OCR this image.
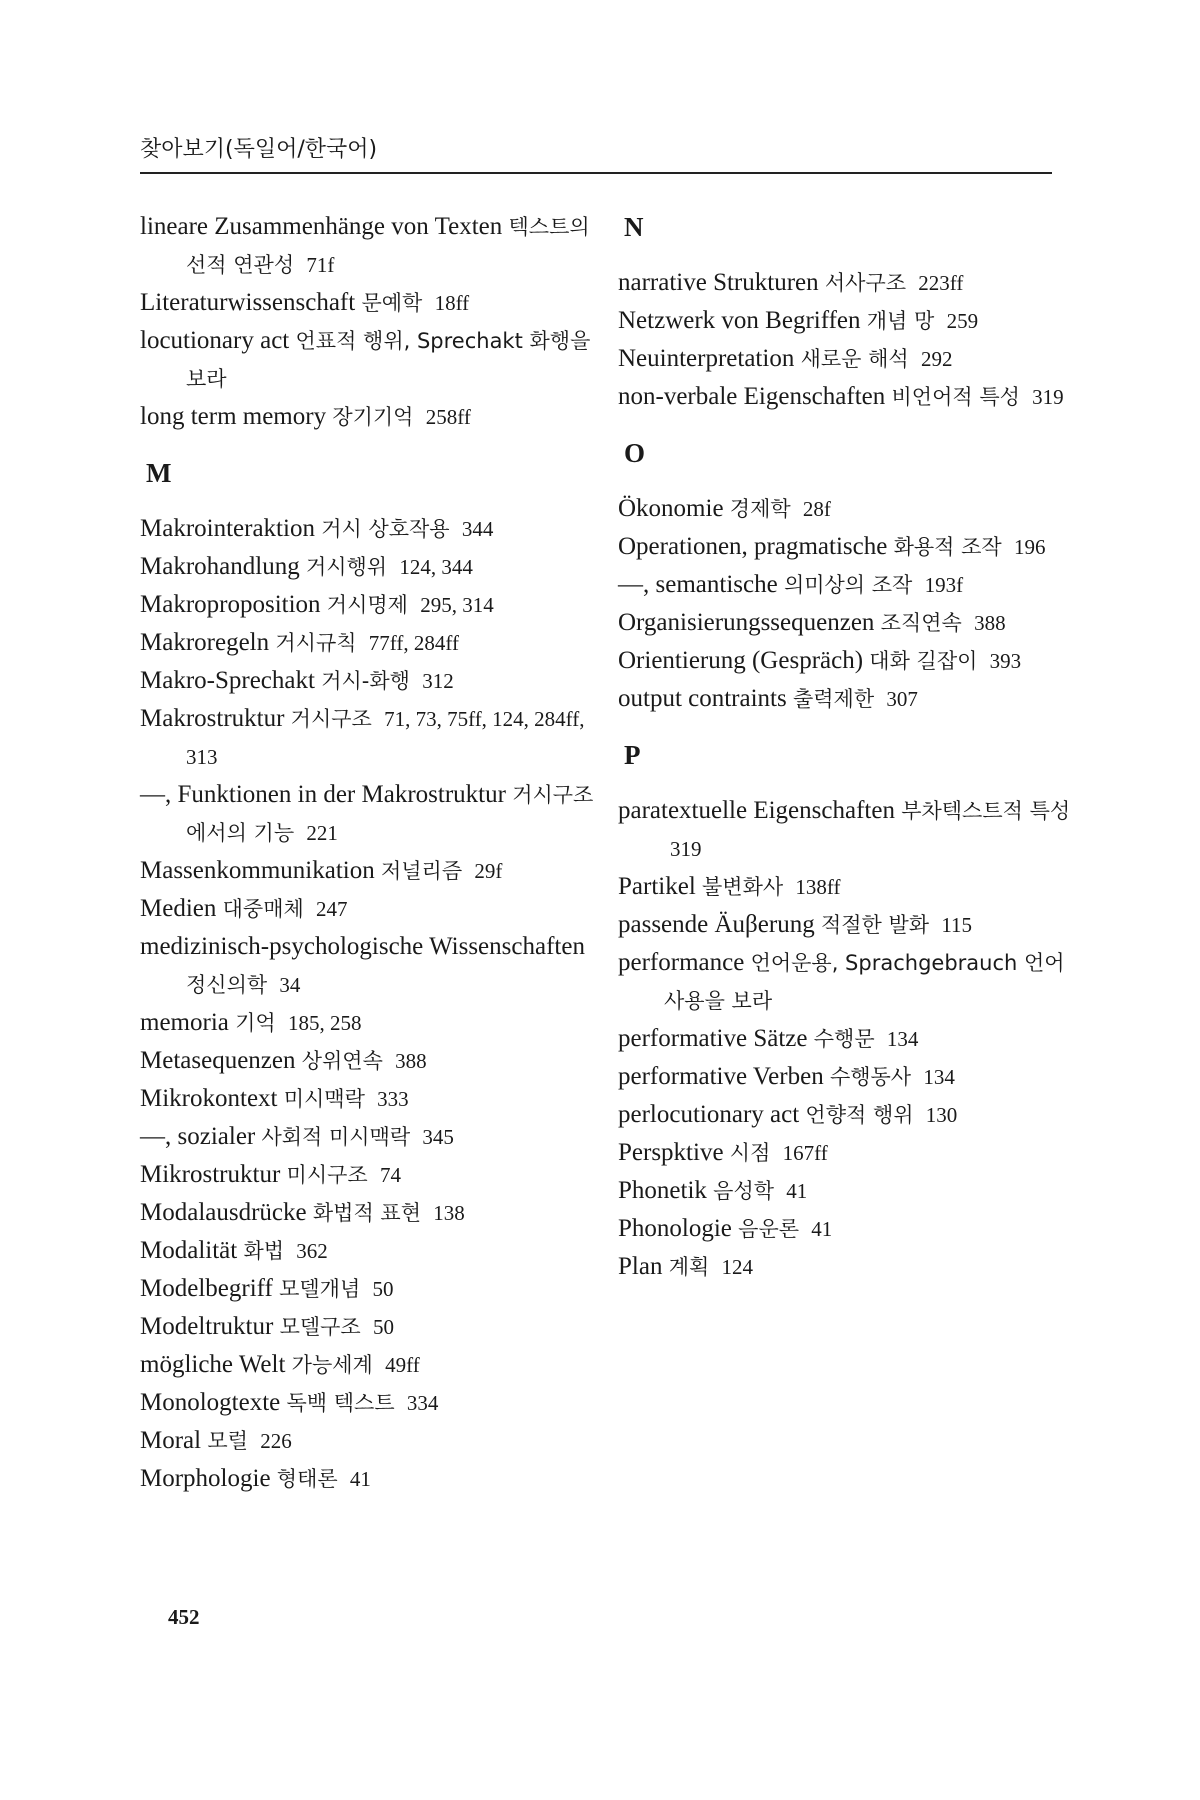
찾아보기(독일어/한국어)
lineare Zusammenhänge von Texten 텍스트의 선적 연관성 71f
Literaturwissenschaft 문예학 18ff
locutionary act 언표적 행위, Sprechakt 화행을 보라
long term memory 장기기억 258ff
M
Makrointeraktion 거시 상호작용 344
Makrohandlung 거시행위 124, 344
Makroproposition 거시명제 295, 314
Makroregeln 거시규칙 77ff, 284ff
Makro-Sprechakt 거시-화행 312
Makrostruktur 거시구조 71, 73, 75ff, 124, 284ff, 313
—, Funktionen in der Makrostruktur 거시구조에서의 기능 221
Massenkommunikation 저널리즘 29f
Medien 대중매체 247
medizinisch-psychologische Wissenschaften 정신의학 34
memoria 기억 185, 258
Metasequenzen 상위연속 388
Mikrokontext 미시맥락 333
—, sozialer 사회적 미시맥락 345
Mikrostruktur 미시구조 74
Modalausdrücke 화법적 표현 138
Modalität 화법 362
Modelbegriff 모델개념 50
Modeltruktur 모델구조 50
mögliche Welt 가능세계 49ff
Monologtexte 독백 텍스트 334
Moral 모럴 226
Morphologie 형태론 41
N
narrative Strukturen 서사구조 223ff
Netzwerk von Begriffen 개념 망 259
Neuinterpretation 새로운 해석 292
non-verbale Eigenschaften 비언어적 특성 319
O
Ökonomie 경제학 28f
Operationen, pragmatische 화용적 조작 196
—, semantische 의미상의 조작 193f
Organisierungssequenzen 조직연속 388
Orientierung (Gespräch) 대화 길잡이 393
output contraints 출력제한 307
P
paratextuelle Eigenschaften 부차텍스트적 특성 319
Partikel 불변화사 138ff
passende Äuβerung 적절한 발화 115
performance 언어운용, Sprachgebrauch 언어사용을 보라
performative Sätze 수행문 134
performative Verben 수행동사 134
perlocutionary act 언향적 행위 130
Perspktive 시점 167ff
Phonetik 음성학 41
Phonologie 음운론 41
Plan 계획 124
452
